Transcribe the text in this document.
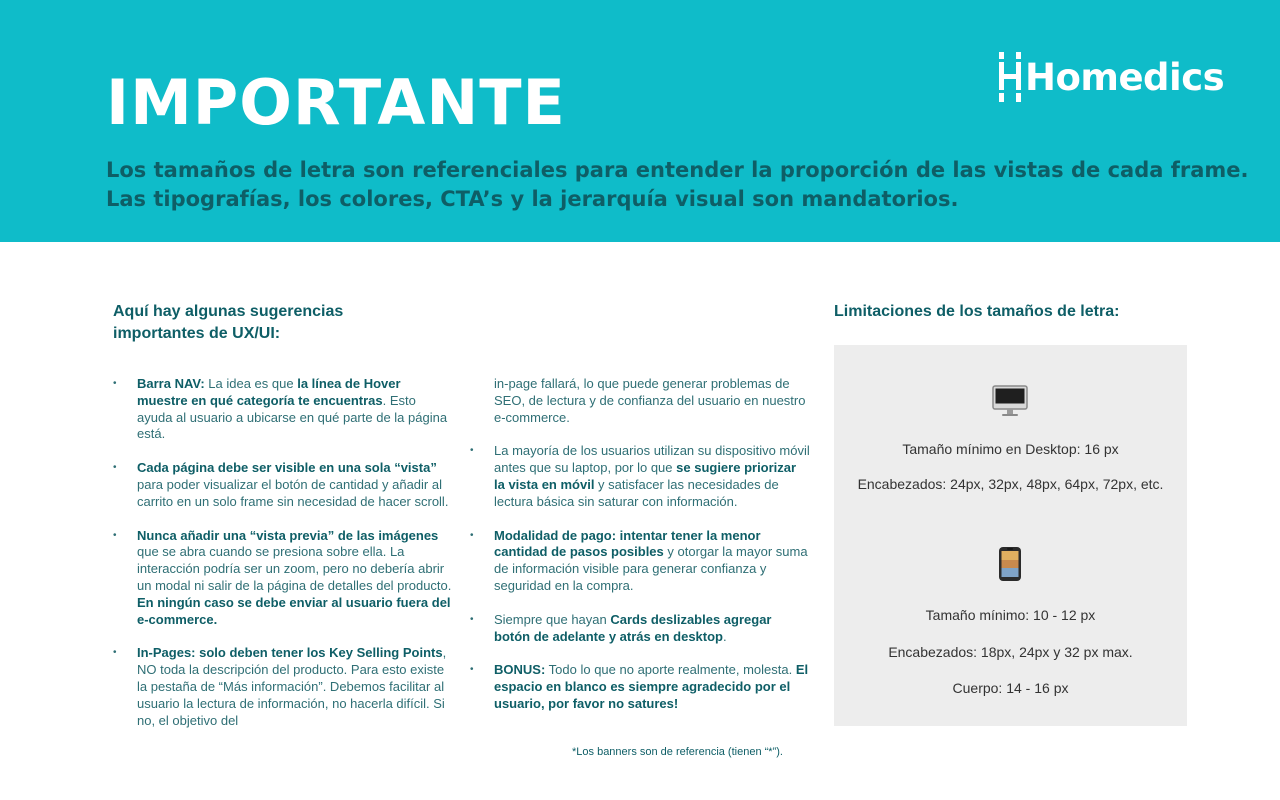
IMPORTANTE	Homedics

Los tamaños de letra son referenciales para entender la proporción de las vistas de cada frame.
Las tipografías, los colores, CTA’s y la jerarquía visual son mandatorios.

Aquí hay algunas sugerencias importantes de UX/UI:
• Barra NAV: La idea es que la línea de Hover muestre en qué categoría te encuentras. Esto ayuda al usuario a ubicarse en qué parte de la página está.
• Cada página debe ser visible en una sola “vista” para poder visualizar el botón de cantidad y añadir al carrito en un solo frame sin necesidad de hacer scroll.
• Nunca añadir una “vista previa” de las imágenes que se abra cuando se presiona sobre ella. La interacción podría ser un zoom, pero no debería abrir un modal ni salir de la página de detalles del producto. En ningún caso se debe enviar al usuario fuera del e-commerce.
• In-Pages: solo deben tener los Key Selling Points, NO toda la descripción del producto. Para esto existe la pestaña de “Más información”. Debemos facilitar al usuario la lectura de información, no hacerla difícil. Si no, el objetivo del
in-page fallará, lo que puede generar problemas de SEO, de lectura y de confianza del usuario en nuestro e-commerce.
• La mayoría de los usuarios utilizan su dispositivo móvil antes que su laptop, por lo que se sugiere priorizar la vista en móvil y satisfacer las necesidades de lectura básica sin saturar con información.
• Modalidad de pago: intentar tener la menor cantidad de pasos posibles y otorgar la mayor suma de información visible para generar confianza y seguridad en la compra.
• Siempre que hayan Cards deslizables agregar botón de adelante y atrás en desktop.
• BONUS: Todo lo que no aporte realmente, molesta. El espacio en blanco es siempre agradecido por el usuario, por favor no satures!

*Los banners son de referencia (tienen “*”).

Limitaciones de los tamaños de letra:

Tamaño mínimo en Desktop: 16 px

Encabezados: 24px, 32px, 48px, 64px, 72px, etc.

Tamaño mínimo: 10 - 12 px

Encabezados: 18px, 24px y 32 px max.

Cuerpo: 14 - 16 px
